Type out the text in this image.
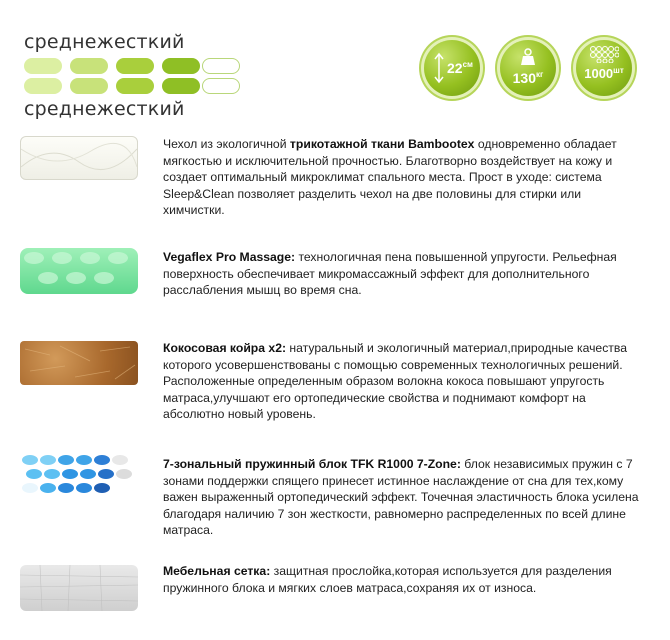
среднежесткий
среднежесткий
$22^{см}$
$130^{кг}$	$1000^{шт}$
Чехол из экологичной трикотажной ткани Bambootex одновременно обладает мягкостью и исключительной прочностью. Благотворно воздействует на кожу и создает оптимальный микроклимат спального места. Прост в уходе: система Sleep&Clean позволяет разделить чехол на две половины для стирки или химчистки.
Vegaflex Pro Massage: технологичная пена повышенной упругости. Рельефная поверхность обеспечивает микромассажный эффект для дополнительного расслабления мышц во время сна.
Кокосовая койра х2: натуральный и экологичный материал,природные качества которого усовершенствованы с помощью современных технологичных решений. Расположенные определенным образом волокна кокоса повышают упругость матраса,улучшают его ортопедические свойства и поднимают комфорт на абсолютно новый уровень.
7-зональный пружинный блок TFK R1000 7-Zone: блок независимых пружин с 7 зонами поддержки спящего принесет истинное наслаждение от сна для тех,кому важен выраженный ортопедический эффект. Точечная эластичность блока усилена благодаря наличию 7 зон жесткости, равномерно распределенных по всей длине матраса.
Мебельная сетка: защитная прослойка,которая используется для разделения пружинного блока и мягких слоев матраса,сохраняя их от износа.
